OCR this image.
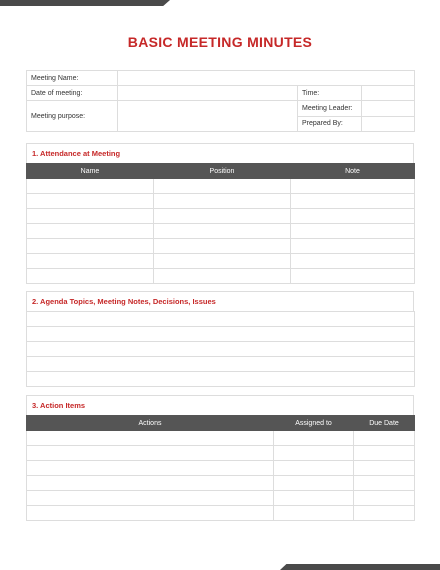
BASIC MEETING MINUTES
Meeting Name:			
Date of meeting:		Time:	
Meeting purpose:		Meeting Leader:	
		Prepared By:	
1. Attendance at Meeting
Name	Position	Note

2. Agenda Topics, Meeting Notes, Decisions, Issues

3. Action Items
Actions	Assigned to	Due Date
